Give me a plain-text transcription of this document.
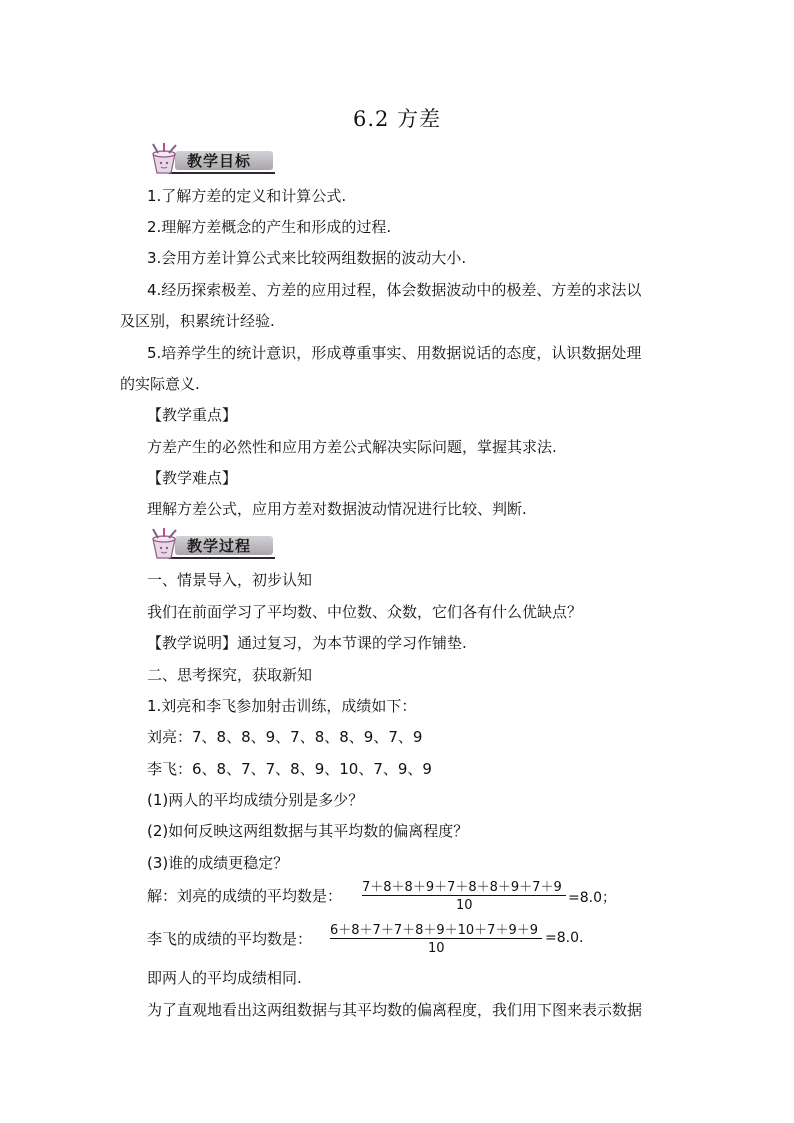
6.2 方差
教学目标
1.了解方差的定义和计算公式.
2.理解方差概念的产生和形成的过程.
3.会用方差计算公式来比较两组数据的波动大小.
4.经历探索极差、方差的应用过程，体会数据波动中的极差、方差的求法以
及区别，积累统计经验.
5.培养学生的统计意识，形成尊重事实、用数据说话的态度，认识数据处理
的实际意义.
【教学重点】
方差产生的必然性和应用方差公式解决实际问题，掌握其求法.
【教学难点】
理解方差公式，应用方差对数据波动情况进行比较、判断.
教学过程
一、情景导入，初步认知
我们在前面学习了平均数、中位数、众数，它们各有什么优缺点？
【教学说明】通过复习，为本节课的学习作铺垫.
二、思考探究，获取新知
1.刘亮和李飞参加射击训练，成绩如下：
刘亮：7、8、8、9、7、8、8、9、7、9
李飞：6、8、7、7、8、9、10、7、9、9
(1)两人的平均成绩分别是多少？
(2)如何反映这两组数据与其平均数的偏离程度？
(3)谁的成绩更稳定？
解：刘亮的成绩的平均数是： 7＋8＋8＋9＋7＋8＋8＋9＋7＋9
10	=8.0；
李飞的成绩的平均数是： 6＋8＋7＋7＋8＋9＋10＋7＋9＋9
10
=8.0.
即两人的平均成绩相同.
为了直观地看出这两组数据与其平均数的偏离程度，我们用下图来表示数据
